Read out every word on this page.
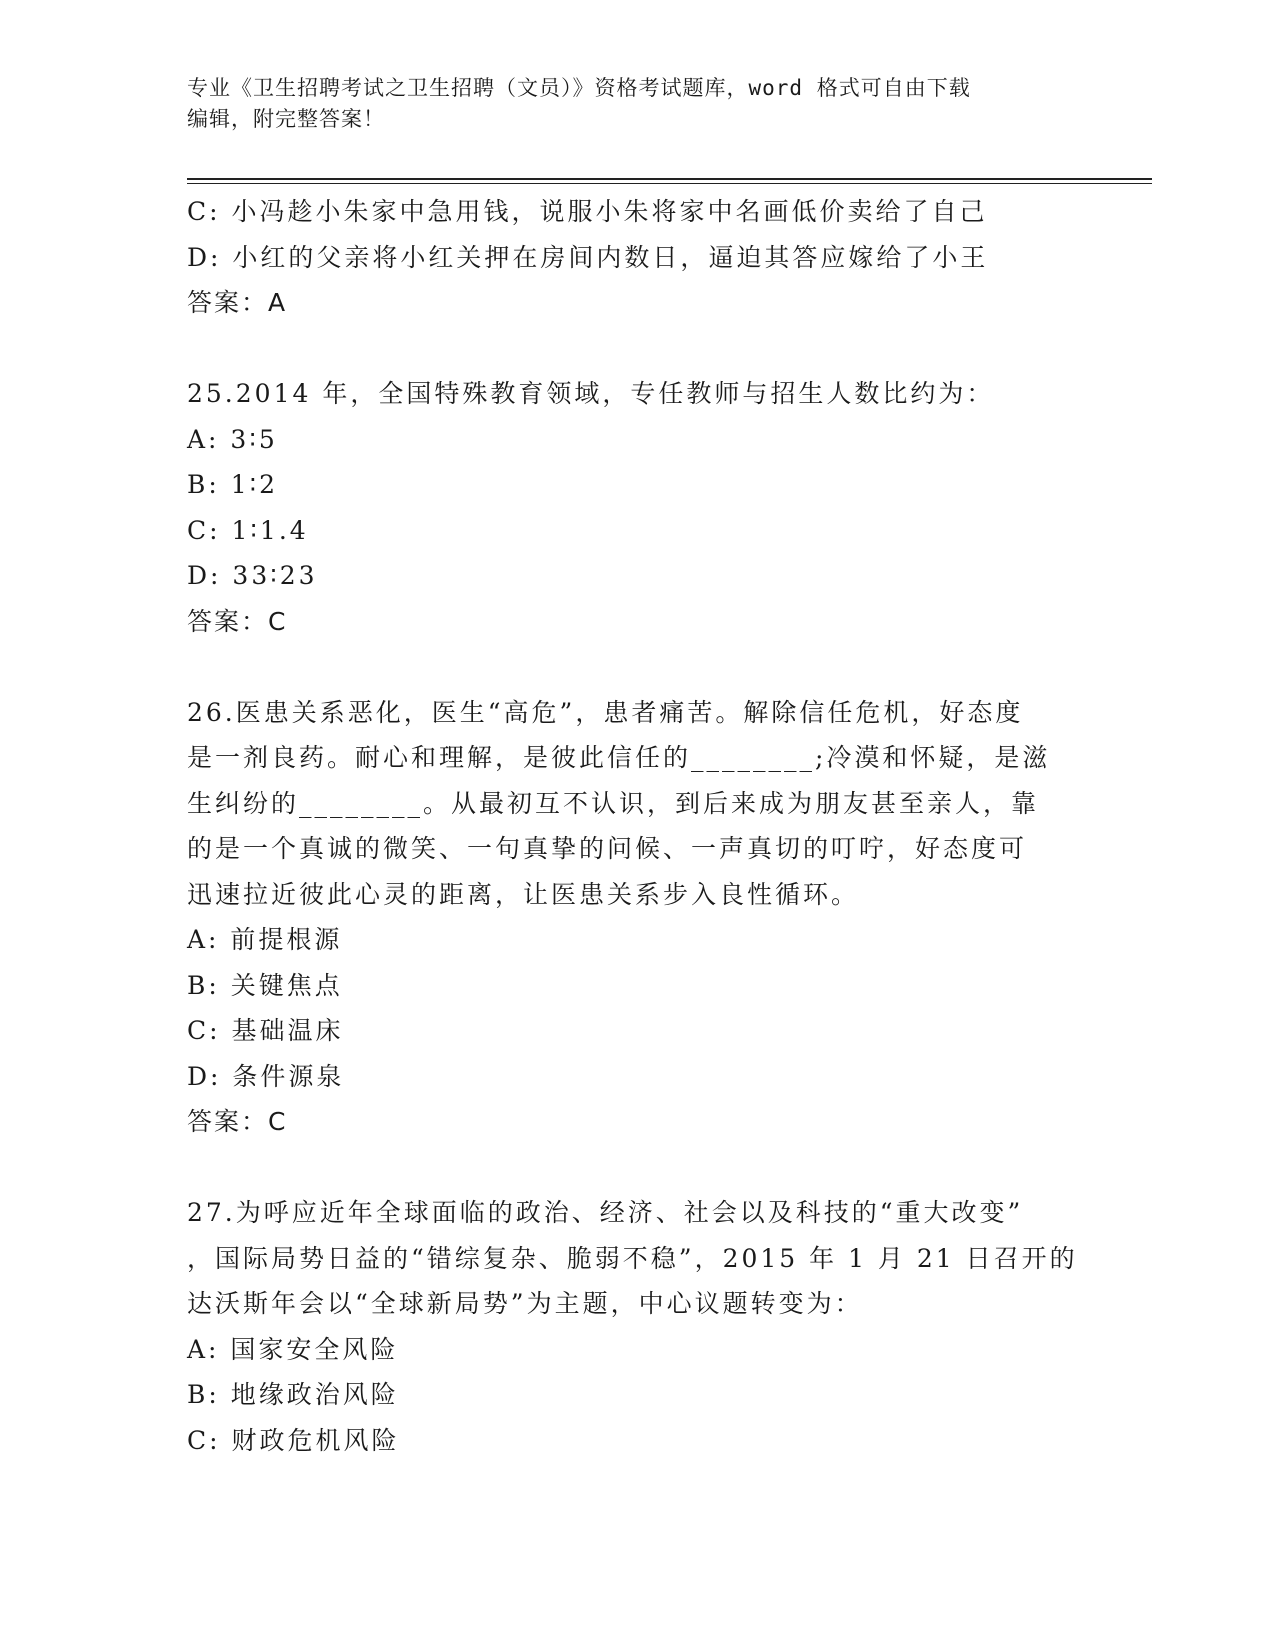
专业《卫生招聘考试之卫生招聘（文员）》资格考试题库，word 格式可自由下载
编辑，附完整答案！
C: 小冯趁小朱家中急用钱，说服小朱将家中名画低价卖给了自己
D: 小红的父亲将小红关押在房间内数日，逼迫其答应嫁给了小王
答案：A
25.2014 年，全国特殊教育领域，专任教师与招生人数比约为：
A: 3∶5
B: 1∶2
C: 1∶1.4
D: 33∶23
答案：C
26.医患关系恶化，医生“高危”，患者痛苦。解除信任危机，好态度
是一剂良药。耐心和理解，是彼此信任的________;冷漠和怀疑，是滋
生纠纷的________。从最初互不认识，到后来成为朋友甚至亲人，靠
的是一个真诚的微笑、一句真挚的问候、一声真切的叮咛，好态度可
迅速拉近彼此心灵的距离，让医患关系步入良性循环。
A: 前提根源
B: 关键焦点
C: 基础温床
D: 条件源泉
答案：C
27.为呼应近年全球面临的政治、经济、社会以及科技的“重大改变”
，国际局势日益的“错综复杂、脆弱不稳”，2015 年 1 月 21 日召开的
达沃斯年会以“全球新局势”为主题，中心议题转变为：
A: 国家安全风险
B: 地缘政治风险
C: 财政危机风险
